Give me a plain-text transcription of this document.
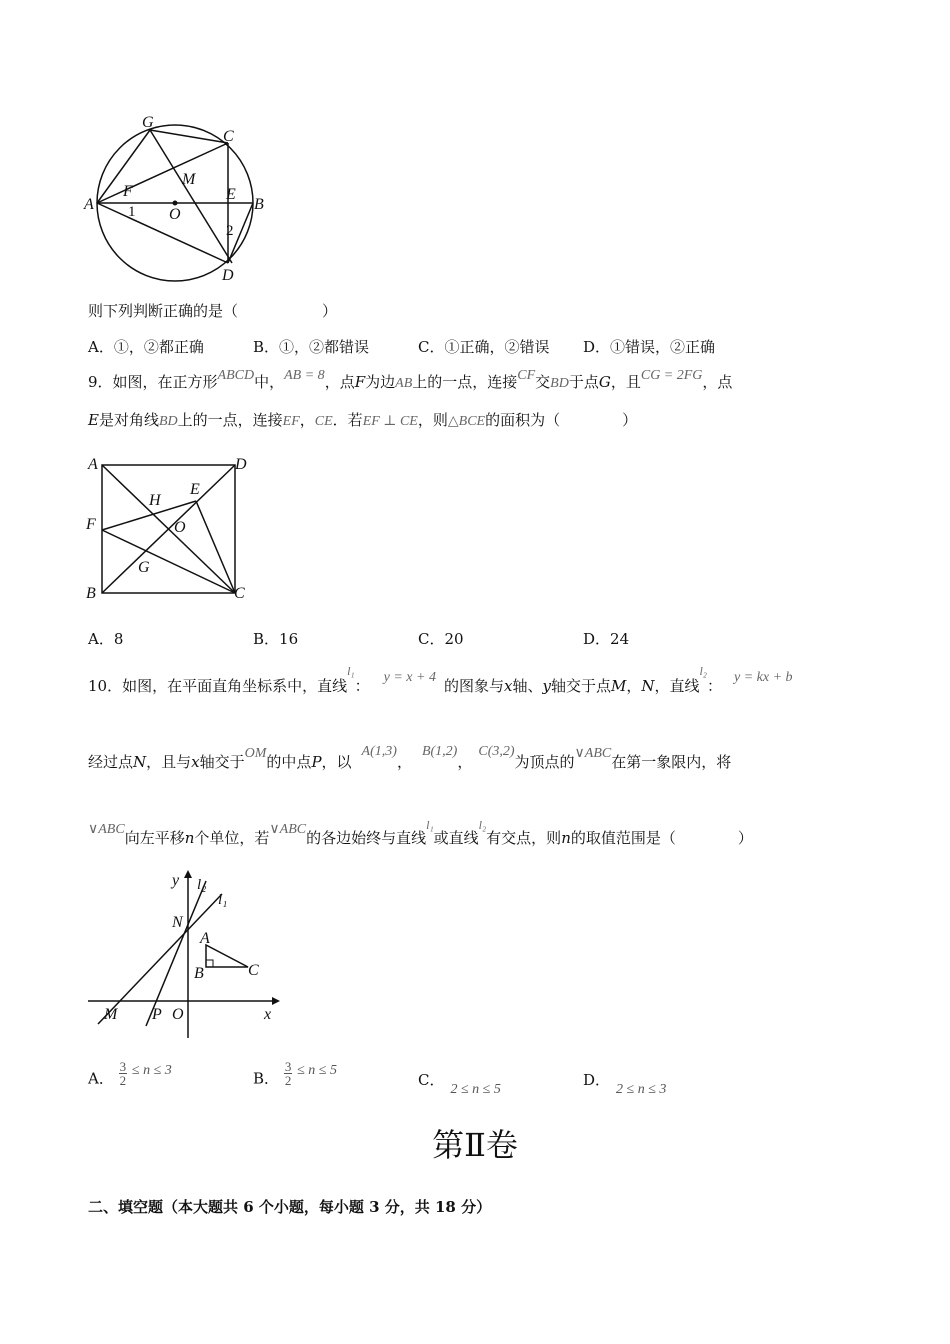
G
C
M
F
A
E
B
O
1
2
D
则下列判断正确的是（	）
A．①，②都正确	B．①，②都错误	C．①正确，②错误 D．①错误，②正确
9．如图，在正方形ABCD中，AB = 8，点F为边AB上的一点，连接CF交BD于点G，且CG = 2FG，点
E是对角线BD上的一点，连接EF，CE．若EF ⊥ CE，则△BCE的面积为（	）
A	D
H
E
F	O
G
B	C
A．8	B．16	C．20	D．24
10．如图，在平面直角坐标系中，直线$^{l_1}$： y = x + 4 的图象与x轴、y轴交于点M，N，直线$^{l_2}$： y = kx + b
经过点N，且与x轴交于OM的中点P，以A(1,3)，B(1,2)，C(3,2)为顶点的∨ABC在第一象限内，将
∨ABC向左平移n个单位，若∨ABC的各边始终与直线$^{l_1}$或直线$^{l_2}$有交点，则n的取值范围是（	）
y l₂
l₁
N
A
B	C
M P O	x
A． $\frac{3}{2} \le n \le 3$	B． $\frac{3}{2} \le n \le 5$
C．2 ≤ n ≤ 5
D．2 ≤ n ≤ 3
第Ⅱ卷
二、填空题（本大题共 6 个小题，每小题 3 分，共 18 分）
